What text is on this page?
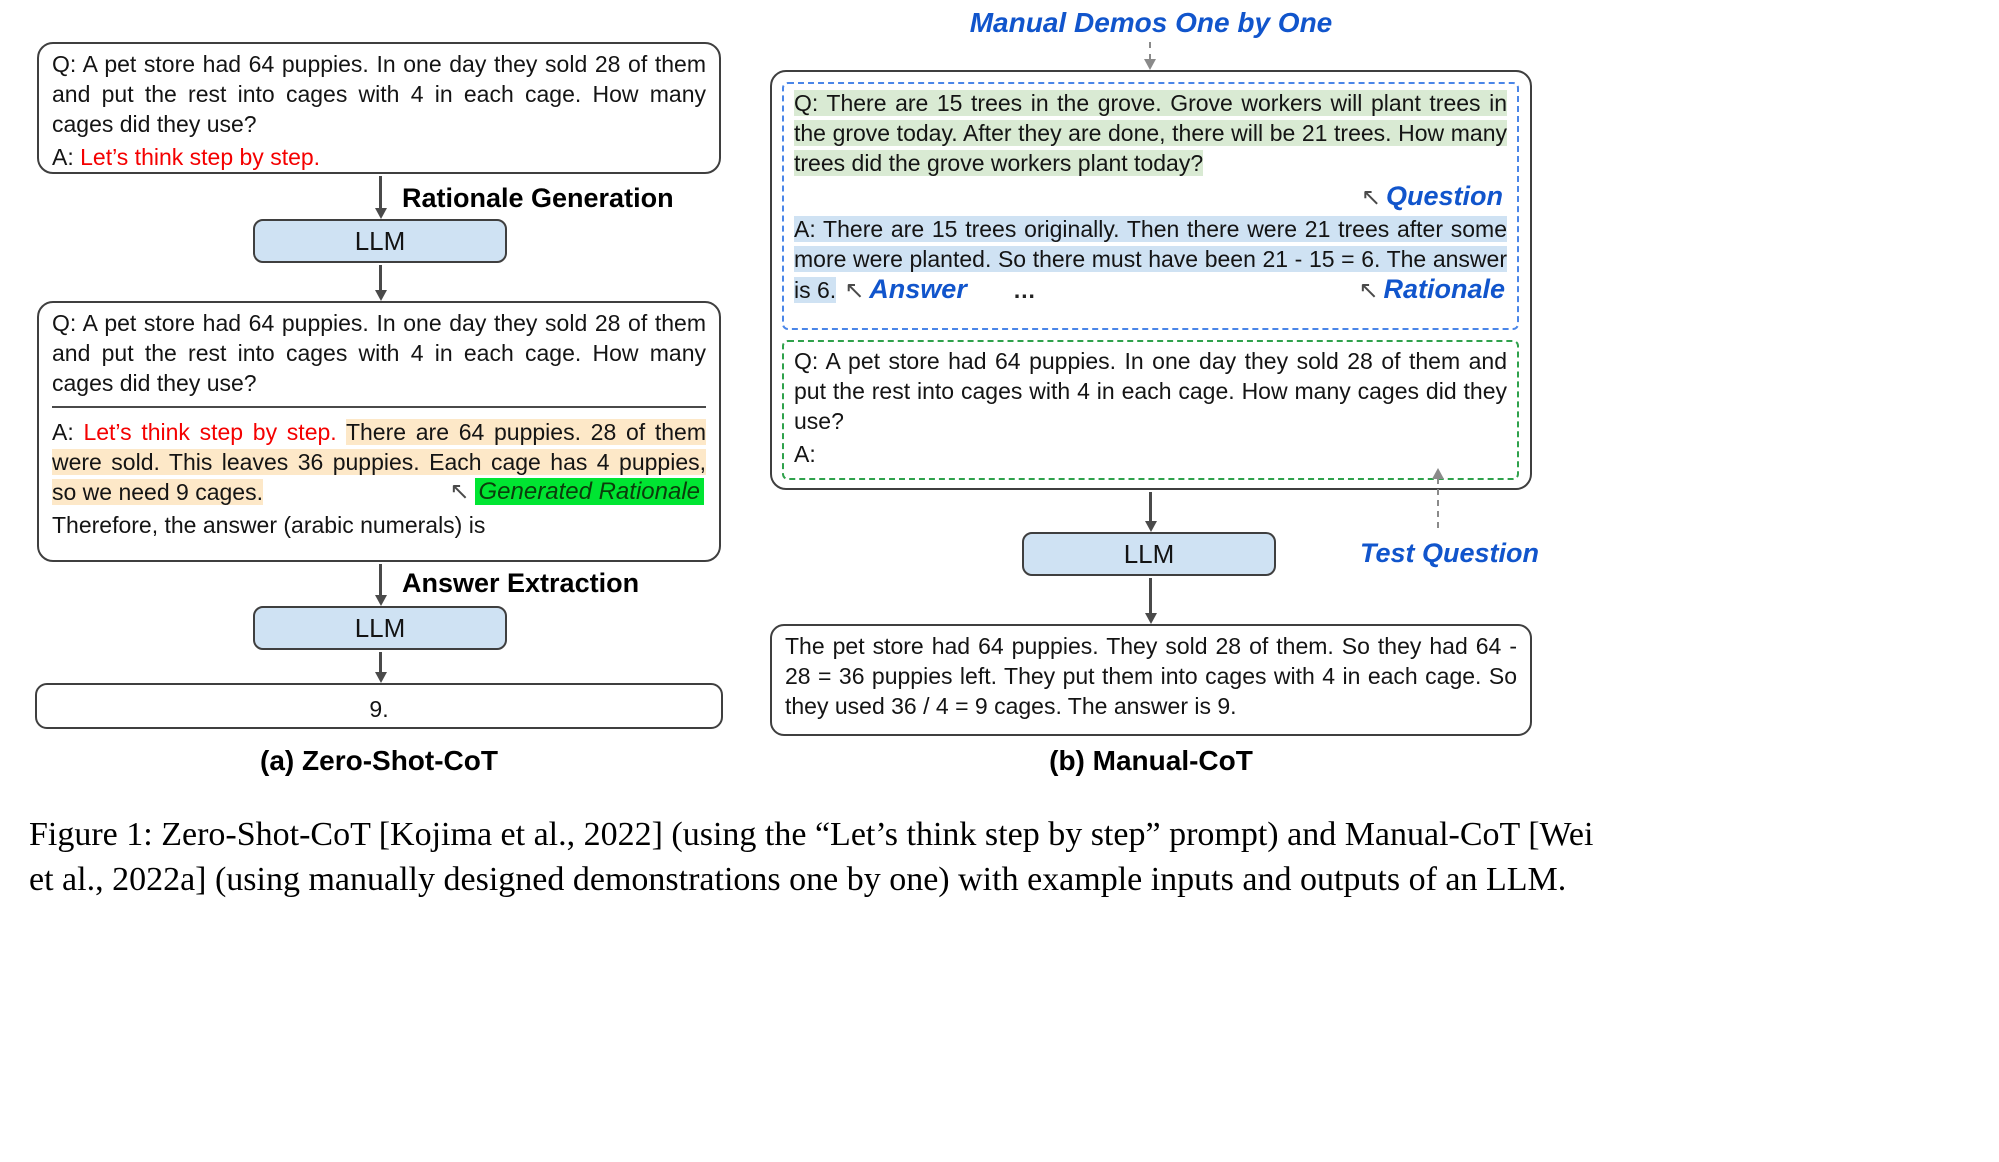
Q: A pet store had 64 puppies. In one day they sold 28 of them and put the rest into cages with 4 in each cage. How many cages did they use?

A: Let’s think step by step.

Rationale Generation
LLM

Q: A pet store had 64 puppies. In one day they sold 28 of them and put the rest into cages with 4 in each cage. How many cages did they use?

A: Let’s think step by step. There are 64 puppies. 28 of them were sold. This leaves 36 puppies. Each cage has 4 puppies, so we need 9 cages.	↖ Generated Rationale

Therefore, the answer (arabic numerals) is

Answer Extraction
LLM
9.
(a) Zero-Shot-CoT
Manual Demos One by One

Q: There are 15 trees in the grove. Grove workers will plant trees in the grove today. After they are done, there will be 21 trees. How many trees did the grove workers plant today?

↖ Question

A: There are 15 trees originally. Then there were 21 trees after some more were planted. So there must have been 21 - 15 = 6. The answer is 6. ↖ Answer …	↖ Rationale

Q: A pet store had 64 puppies. In one day they sold 28 of them and put the rest into cages with 4 in each cage. How many cages did they use?

A:

LLM	Test Question

The pet store had 64 puppies. They sold 28 of them. So they had 64 - 28 = 36 puppies left. They put them into cages with 4 in each cage. So they used 36 / 4 = 9 cages. The answer is 9.

(b) Manual-CoT
Figure 1: Zero-Shot-CoT [Kojima et al., 2022] (using the “Let’s think step by step” prompt) and Manual-CoT [Wei
et al., 2022a] (using manually designed demonstrations one by one) with example inputs and outputs of an LLM.
